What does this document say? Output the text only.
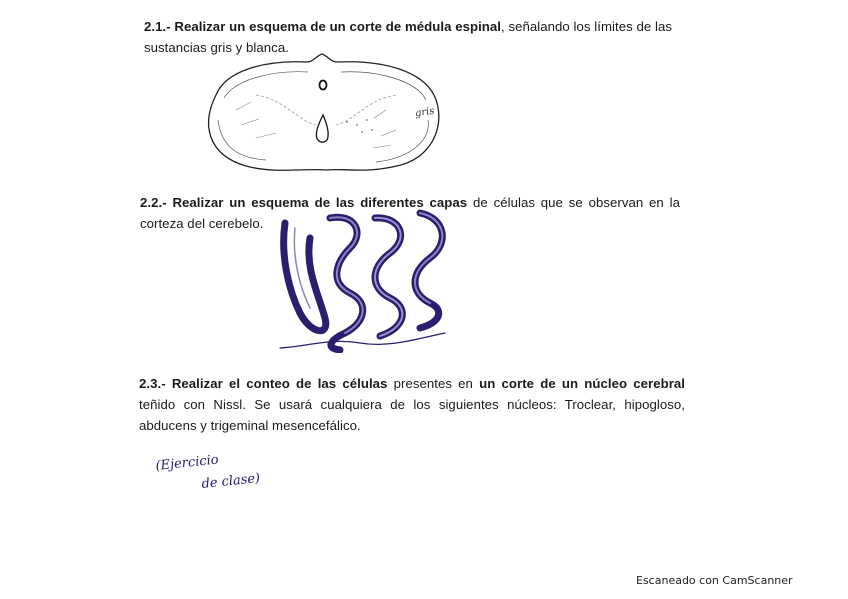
2.1.- Realizar un esquema de un corte de médula espinal, señalando los límites de las sustancias gris y blanca.
gris
2.2.- Realizar un esquema de las diferentes capas de células que se observan en la corteza del cerebelo.
2.3.- Realizar el conteo de las células presentes en un corte de un núcleo cerebral teñido con Nissl. Se usará cualquiera de los siguientes núcleos: Troclear, hipogloso, abducens y trigeminal mesencefálico.
(Ejercicio
de clase)
Escaneado con CamScanner
